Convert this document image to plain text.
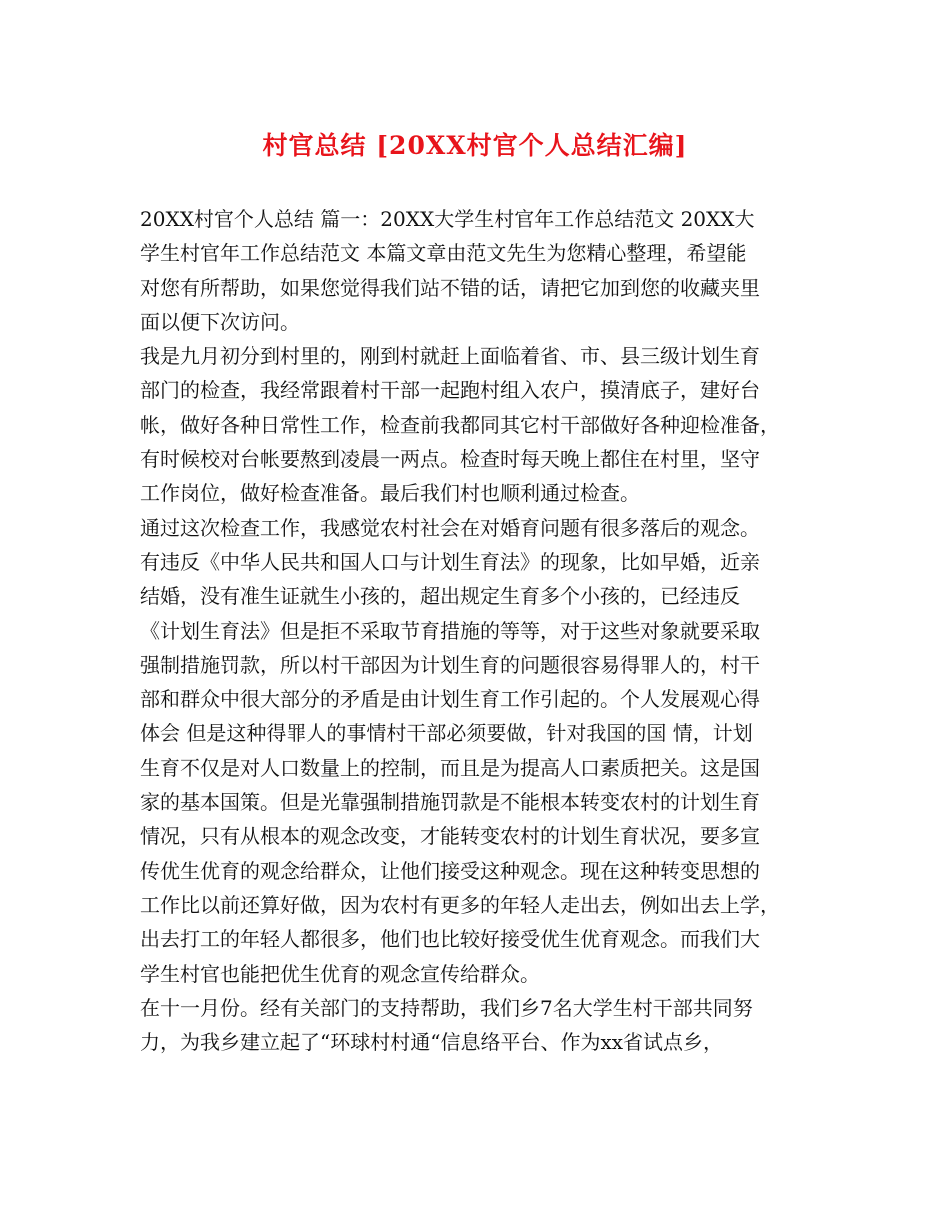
村官总结 [20XX村官个人总结汇编]
20XX村官个人总结 篇一：20XX大学生村官年工作总结范文 20XX大
学生村官年工作总结范文 本篇文章由范文先生为您精心整理，希望能
对您有所帮助，如果您觉得我们站不错的话，请把它加到您的收藏夹里
面以便下次访问。
我是九月初分到村里的，刚到村就赶上面临着省、市、县三级计划生育
部门的检查，我经常跟着村干部一起跑村组入农户，摸清底子，建好台
帐，做好各种日常性工作，检查前我都同其它村干部做好各种迎检准备，
有时候校对台帐要熬到凌晨一两点。检查时每天晚上都住在村里，坚守
工作岗位，做好检查准备。最后我们村也顺利通过检查。
通过这次检查工作，我感觉农村社会在对婚育问题有很多落后的观念。
有违反《中华人民共和国人口与计划生育法》的现象，比如早婚，近亲
结婚，没有准生证就生小孩的，超出规定生育多个小孩的，已经违反
《计划生育法》但是拒不采取节育措施的等等，对于这些对象就要采取
强制措施罚款，所以村干部因为计划生育的问题很容易得罪人的，村干
部和群众中很大部分的矛盾是由计划生育工作引起的。个人发展观心得
体会 但是这种得罪人的事情村干部必须要做，针对我国的国 情，计划
生育不仅是对人口数量上的控制，而且是为提高人口素质把关。这是国
家的基本国策。但是光靠强制措施罚款是不能根本转变农村的计划生育
情况，只有从根本的观念改变，才能转变农村的计划生育状况，要多宣
传优生优育的观念给群众，让他们接受这种观念。现在这种转变思想的
工作比以前还算好做，因为农村有更多的年轻人走出去，例如出去上学，
出去打工的年轻人都很多，他们也比较好接受优生优育观念。而我们大
学生村官也能把优生优育的观念宣传给群众。
在十一月份。经有关部门的支持帮助，我们乡7名大学生村干部共同努
力，为我乡建立起了“环球村村通“信息络平台、作为xx省试点乡，
